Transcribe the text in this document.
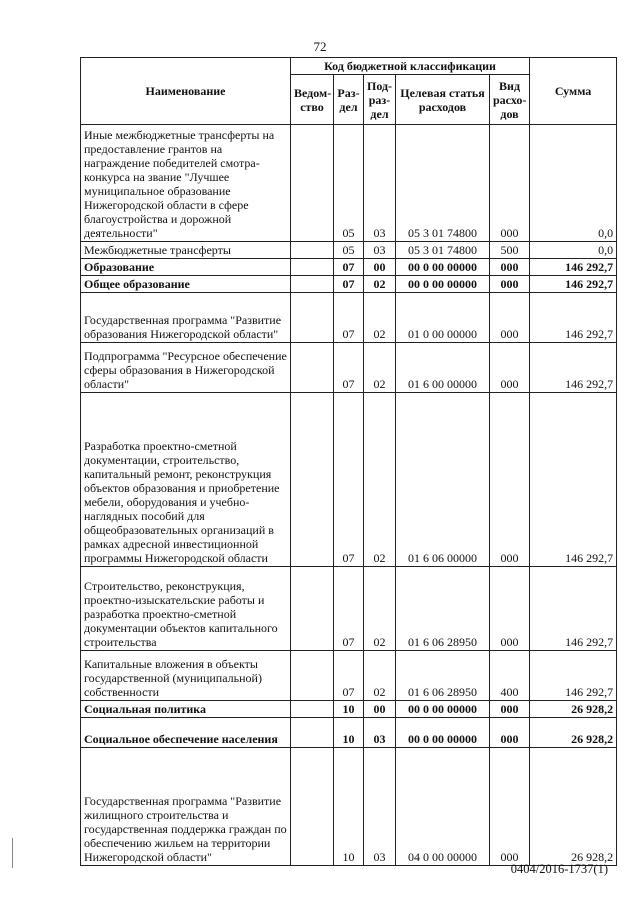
72
Наименование	Код бюджетной классификации					Сумма
	Ведом-ство	Раз-дел	Под-раз-дел	Целевая статья расходов	Вид расхо-дов	
Иные межбюджетные трансферты на предоставление грантов на награждение победителей смотра-конкурса на звание "Лучшее муниципальное образование Нижегородской области в сфере благоустройства и дорожной деятельности"		05	03	05 3 01 74800	000	0,0
Межбюджетные трансферты		05	03	05 3 01 74800	500	0,0
Образование		07	00	00 0 00 00000	000	146 292,7
Общее образование		07	02	00 0 00 00000	000	146 292,7
Государственная программа "Развитие образования Нижегородской области"		07	02	01 0 00 00000	000	146 292,7
Подпрограмма "Ресурсное обеспечение сферы образования в Нижегородской области"		07	02	01 6 00 00000	000	146 292,7
Разработка проектно-сметной документации, строительство, капитальный ремонт, реконструкция объектов образования и приобретение мебели, оборудования и учебно-наглядных пособий для общеобразовательных организаций в рамках адресной инвестиционной программы Нижегородской области		07	02	01 6 06 00000	000	146 292,7
Строительство, реконструкция, проектно-изыскательские работы и разработка проектно-сметной документации объектов капитального строительства		07	02	01 6 06 28950	000	146 292,7
Капитальные вложения в объекты государственной (муниципальной) собственности		07	02	01 6 06 28950	400	146 292,7
Социальная политика		10	00	00 0 00 00000	000	26 928,2
Социальное обеспечение населения		10	03	00 0 00 00000	000	26 928,2
Государственная программа "Развитие жилищного строительства и государственная поддержка граждан по обеспечению жильем на территории Нижегородской области"		10	03	04 0 00 00000	000	26 928,2
0404/2016-1737(1)
